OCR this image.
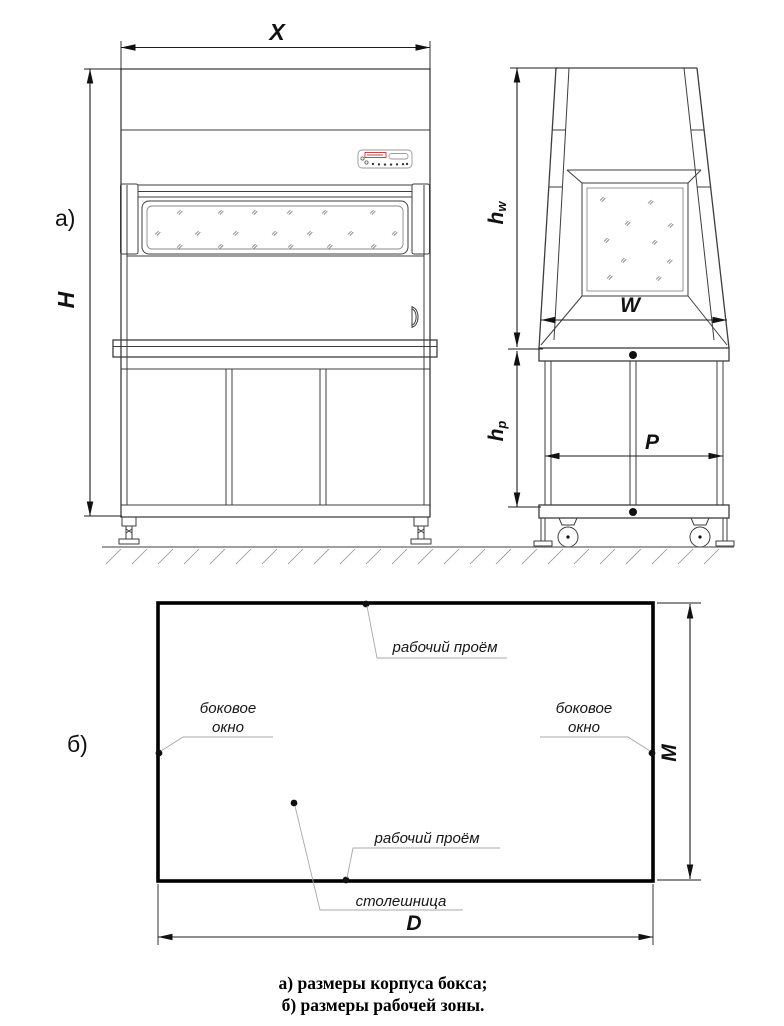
X
H
а)
W
P
hw
hp
рабочий проём
боковое
окно
боковое
окно
рабочий проём
столешница
M
D
б)
а) размеры корпуса бокса;
б) размеры рабочей зоны.
